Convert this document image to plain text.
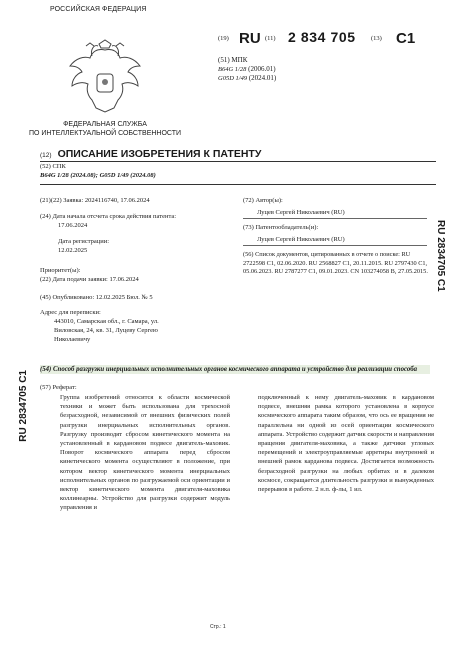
РОССИЙСКАЯ ФЕДЕРАЦИЯ
ФЕДЕРАЛЬНАЯ СЛУЖБА
ПО ИНТЕЛЛЕКТУАЛЬНОЙ СОБСТВЕННОСТИ
(19) RU (11) 2 834 705 (13) C1
(51) МПК
B64G 1/28 (2006.01)
G05D 1/49 (2024.01)
(12) ОПИСАНИЕ ИЗОБРЕТЕНИЯ К ПАТЕНТУ
(52) СПК
B64G 1/28 (2024.08); G05D 1/49 (2024.08)
(21)(22) Заявка: 2024116740, 17.06.2024
(24) Дата начала отсчета срока действия патента:
17.06.2024
Дата регистрации:
12.02.2025
Приоритет(ы):
(22) Дата подачи заявки: 17.06.2024
(45) Опубликовано: 12.02.2025 Бюл. № 5
Адрес для переписки:
443010, Самарская обл., г. Самара, ул.
Виловская, 24, кв. 31, Луцеву Сергею
Николаевичу
(72) Автор(ы):
Луцев Сергей Николаевич (RU)
(73) Патентообладатель(и):
Луцев Сергей Николаевич (RU)
(56) Список документов, цитированных в отчете о поиске: RU 2722598 C1, 02.06.2020. RU 2568827 C1, 20.11.2015. RU 2797430 C1, 05.06.2023. RU 2787277 C1, 09.01.2023. CN 103274058 B, 27.05.2015. RU 2834705 C1
RU 2834705 C1
(54) Способ разгрузки инерциальных исполнительных органов космического аппарата и устройство для реализации способа
(57) Реферат:
Группа изобретений относится к области космической техники и может быть использована для трехосной безрасходной, независимой от внешних физических полей разгрузки инерциальных исполнительных органов. Разгрузку производят сбросом кинетического момента на установленный в кардановом подвесе двигатель-маховик. Поворот космического аппарата перед сбросом кинетического момента осуществляют в положение, при котором вектор кинетического момента инерциальных исполнительных органов по разгружаемой оси ориентации и вектор кинетического момента двигателя-маховика коллинеарны. Устройство для разгрузки содержит модуль управления и
подключенный к нему двигатель-маховик в кардановом подвесе, внешняя рамка которого установлена в корпусе космического аппарата таким образом, что ось ее вращения не параллельна ни одной из осей ориентации космического аппарата. Устройство содержит датчик скорости и направления вращения двигателя-маховика, а также датчики угловых перемещений и электроуправляемые арретиры внутренней и внешней рамок карданова подвеса. Достигается возможность безрасходной разгрузки на любых орбитах и в далеком космосе, сокращается длительность разгрузки и вынужденных перерывов в работе. 2 н.п. ф-лы, 1 ил.
Стр.: 1
